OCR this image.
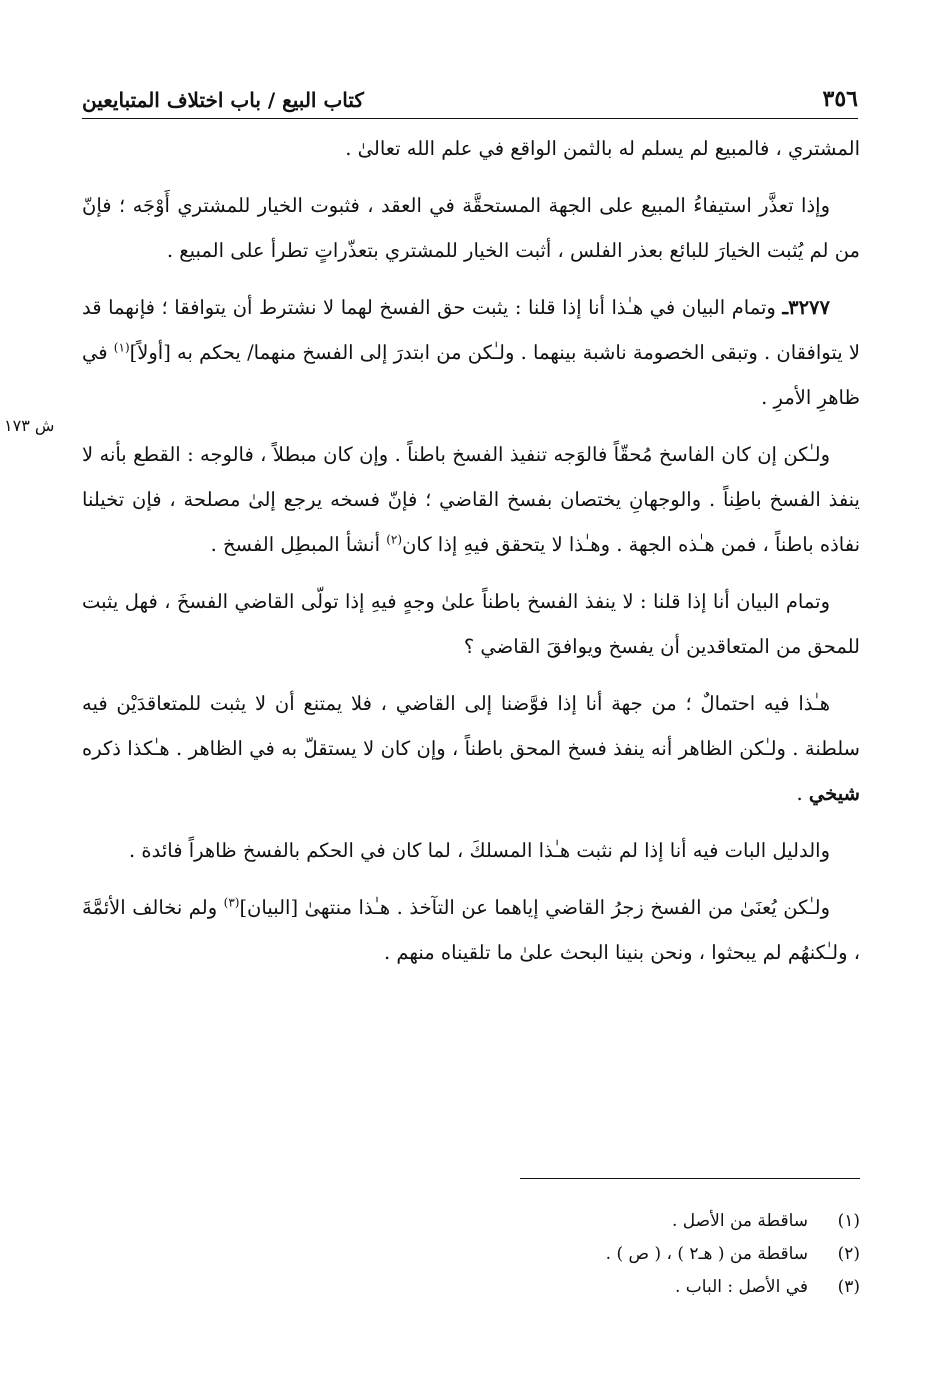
٣٥٦
كتاب البيع / باب اختلاف المتبايعين
ش ١٧٣

المشتري ، فالمبيع لم يسلم له بالثمن الواقع في علم الله تعالىٰ .

وإذا تعذَّر استيفاءُ المبيع على الجهة المستحقَّة في العقد ، فثبوت الخيار للمشتري أَوْجَه ؛ فإنّ من لم يُثبت الخيارَ للبائع بعذر الفلس ، أثبت الخيار للمشتري بتعذّراتٍ تطرأ على المبيع .

٣٢٧٧ـ وتمام البيان في هـٰذا أنا إذا قلنا : يثبت حق الفسخ لهما لا نشترط أن يتوافقا ؛ فإنهما قد لا يتوافقان . وتبقى الخصومة ناشبة بينهما . ولـٰكن من ابتدرَ إلى الفسخ منهما/ يحكم به [أولاً]$^{(١)}$ في ظاهرِ الأمرِ .

ولـٰكن إن كان الفاسخ مُحقّاً فالوَجه تنفيذ الفسخ باطناً . وإن كان مبطلاً ، فالوجه : القطع بأنه لا ينفذ الفسخ باطِناً . والوجهانِ يختصان بفسخ القاضي ؛ فإنّ فسخه يرجع إلىٰ مصلحة ، فإن تخيلنا نفاذه باطناً ، فمن هـٰذه الجهة . وهـٰذا لا يتحقق فيهِ إذا كان$^{(٢)}$ أنشأ المبطِل الفسخ .

وتمام البيان أنا إذا قلنا : لا ينفذ الفسخ باطناً علىٰ وجهٍ فيهِ إذا تولّى القاضي الفسخَ ، فهل يثبت للمحق من المتعاقدين أن يفسخ ويوافقَ القاضي ؟

هـٰذا فيه احتمالٌ ؛ من جهة أنا إذا فوَّضنا إلى القاضي ، فلا يمتنع أن لا يثبت للمتعاقدَيْن فيه سلطنة . ولـٰكن الظاهر أنه ينفذ فسخ المحق باطناً ، وإن كان لا يستقلّ به في الظاهر . هـٰكذا ذكره شيخي .

والدليل البات فيه أنا إذا لم نثبت هـٰذا المسلكَ ، لما كان في الحكم بالفسخ ظاهراً فائدة .

ولـٰكن يُعنَىٰ من الفسخ زجرُ القاضي إياهما عن التآخذ . هـٰذا منتهىٰ [البيان]$^{(٣)}$ ولم نخالف الأئمَّةَ ، ولـٰكنهُم لم يبحثوا ، ونحن بنينا البحث علىٰ ما تلقيناه منهم .

(١)ساقطة من الأصل .
(٢)ساقطة من ( هـ٢ ) ، ( ص ) .
(٣)في الأصل : الباب .
